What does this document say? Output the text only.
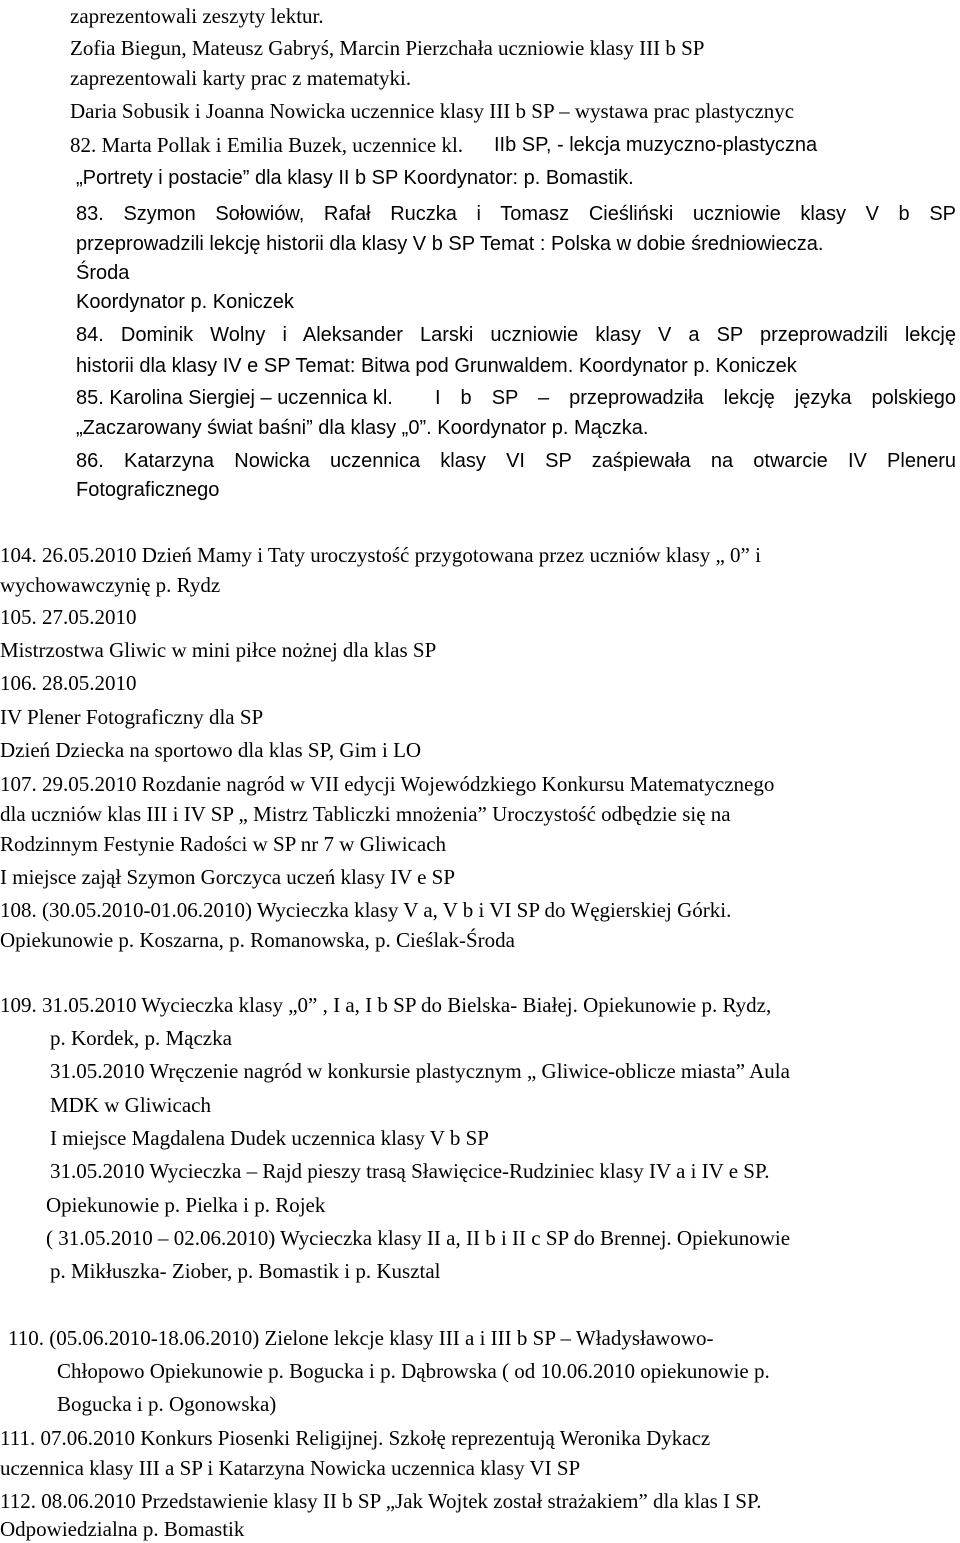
zaprezentowali zeszyty lektur.
Zofia Biegun, Mateusz Gabryś, Marcin Pierzchała uczniowie klasy III b SP
zaprezentowali karty prac z matematyki.
Daria Sobusik i Joanna Nowicka uczennice klasy III b SP – wystawa prac plastycznyc
82. Marta Pollak i Emilia Buzek, uczennice kl. IIb SP, - lekcja muzyczno-plastyczna
„Portrety i postacie” dla klasy II b SP Koordynator: p. Bomastik.
83. Szymon Sołowiów, Rafał Ruczka i Tomasz Cieśliński uczniowie klasy V b SP
przeprowadzili lekcję historii dla klasy V b SP Temat : Polska w dobie średniowiecza.
Środa
Koordynator p. Koniczek
84. Dominik Wolny i Aleksander Larski uczniowie klasy V a SP przeprowadzili lekcję
historii dla klasy IV e SP Temat: Bitwa pod Grunwaldem. Koordynator p. Koniczek
85. Karolina Siergiej – uczennica kl. I b SP – przeprowadziła lekcję języka polskiego
„Zaczarowany świat baśni” dla klasy „0”. Koordynator p. Mączka.
86. Katarzyna Nowicka uczennica klasy VI SP zaśpiewała na otwarcie IV Pleneru
Fotograficznego
104. 26.05.2010 Dzień Mamy i Taty uroczystość przygotowana przez uczniów klasy „ 0” i
wychowawczynię p. Rydz
105. 27.05.2010
Mistrzostwa Gliwic w mini piłce nożnej dla klas SP
106. 28.05.2010
IV Plener Fotograficzny dla SP
Dzień Dziecka na sportowo dla klas SP, Gim i LO
107. 29.05.2010 Rozdanie nagród w VII edycji Wojewódzkiego Konkursu Matematycznego
dla uczniów klas III i IV SP „ Mistrz Tabliczki mnożenia” Uroczystość odbędzie się na
Rodzinnym Festynie Radości w SP nr 7 w Gliwicach
I miejsce zajął Szymon Gorczyca uczeń klasy IV e SP
108. (30.05.2010-01.06.2010) Wycieczka klasy V a, V b i VI SP do Węgierskiej Górki.
Opiekunowie p. Koszarna, p. Romanowska, p. Cieślak-Środa
109. 31.05.2010 Wycieczka klasy „0” , I a, I b SP do Bielska- Białej. Opiekunowie p. Rydz,
p. Kordek, p. Mączka
31.05.2010 Wręczenie nagród w konkursie plastycznym „ Gliwice-oblicze miasta” Aula
MDK w Gliwicach
I miejsce Magdalena Dudek uczennica klasy V b SP
31.05.2010 Wycieczka – Rajd pieszy trasą Sławięcice-Rudziniec klasy IV a i IV e SP.
Opiekunowie p. Pielka i p. Rojek
( 31.05.2010 – 02.06.2010) Wycieczka klasy II a, II b i II c SP do Brennej. Opiekunowie
p. Mikłuszka- Ziober, p. Bomastik i p. Kusztal
110. (05.06.2010-18.06.2010) Zielone lekcje klasy III a i III b SP – Władysławowo-
Chłopowo Opiekunowie p. Bogucka i p. Dąbrowska ( od 10.06.2010 opiekunowie p.
Bogucka i p. Ogonowska)
111. 07.06.2010 Konkurs Piosenki Religijnej. Szkołę reprezentują Weronika Dykacz
uczennica klasy III a SP i Katarzyna Nowicka uczennica klasy VI SP
112. 08.06.2010 Przedstawienie klasy II b SP „Jak Wojtek został strażakiem” dla klas I SP.
Odpowiedzialna p. Bomastik
